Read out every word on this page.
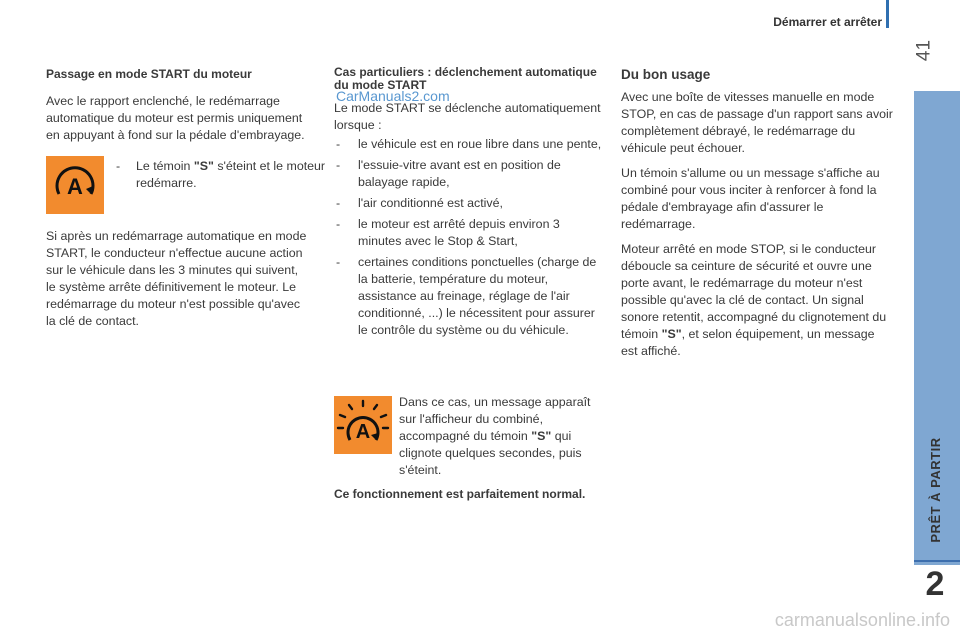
Démarrer et arrêter
41
PRÊT À PARTIR
2

Passage en mode START du moteur

Avec le rapport enclenché, le redémarrage automatique du moteur est permis uniquement en appuyant à fond sur la pédale d'embrayage.

A
- Le témoin "S" s'éteint et le moteur redémarre.

Si après un redémarrage automatique en mode START, le conducteur n'effectue aucune action sur le véhicule dans les 3 minutes qui suivent, le système arrête définitivement le moteur. Le redémarrage du moteur n'est possible qu'avec la clé de contact.

Cas particuliers : déclenchement automatique du mode START

Le mode START se déclenche automatiquement lorsque :

- le véhicule est en roue libre dans une pente,
- l'essuie-vitre avant est en position de balayage rapide,
- l'air conditionné est activé,
- le moteur est arrêté depuis environ 3 minutes avec le Stop & Start,
- certaines conditions ponctuelles (charge de la batterie, température du moteur, assistance au freinage, réglage de l'air conditionné, ...) le nécessitent pour assurer le contrôle du système ou du véhicule.
CarManuals2.com
A

Dans ce cas, un message apparaît sur l'afficheur du combiné, accompagné du témoin "S" qui clignote quelques secondes, puis s'éteint.

Ce fonctionnement est parfaitement normal.

Du bon usage

Avec une boîte de vitesses manuelle en mode STOP, en cas de passage d'un rapport sans avoir complètement débrayé, le redémarrage du véhicule peut échouer.

Un témoin s'allume ou un message s'affiche au combiné pour vous inciter à renforcer à fond la pédale d'embrayage afin d'assurer le redémarrage.

Moteur arrêté en mode STOP, si le conducteur déboucle sa ceinture de sécurité et ouvre une porte avant, le redémarrage du moteur n'est possible qu'avec la clé de contact. Un signal sonore retentit, accompagné du clignotement du témoin "S", et selon équipement, un message est affiché.

carmanualsonline.info
